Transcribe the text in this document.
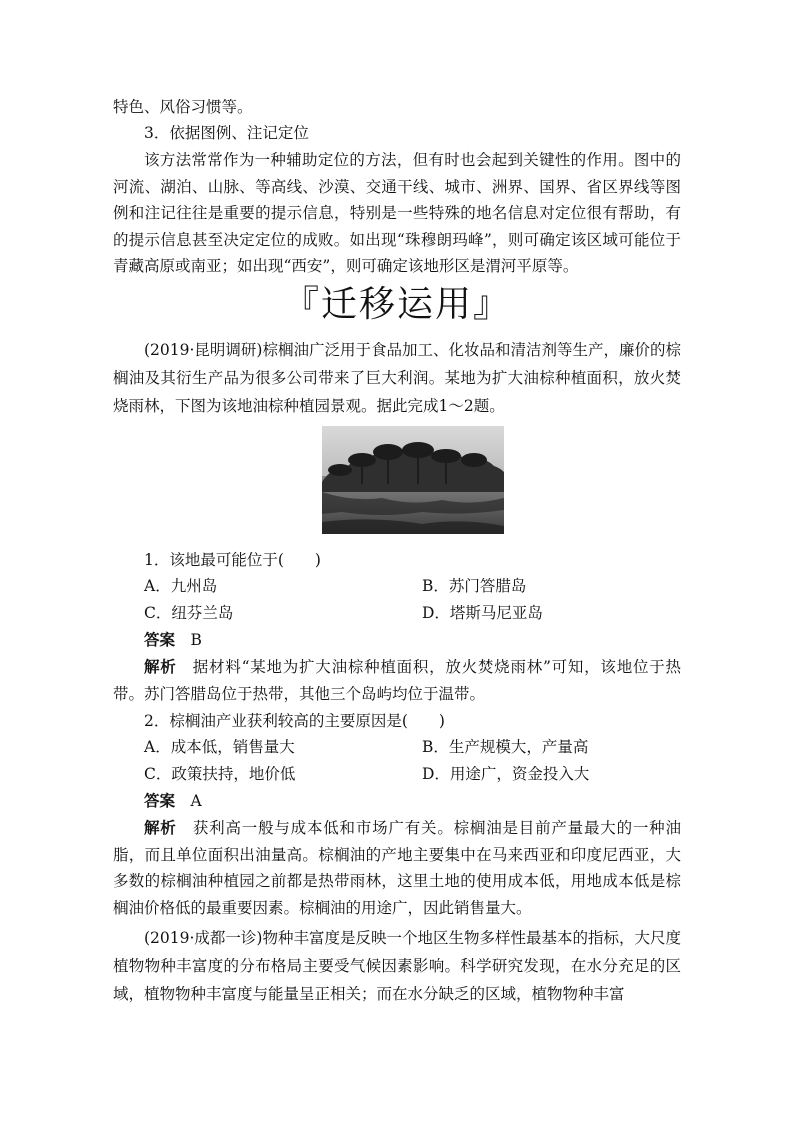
特色、风俗习惯等。

3．依据图例、注记定位

该方法常常作为一种辅助定位的方法，但有时也会起到关键性的作用。图中的河流、湖泊、山脉、等高线、沙漠、交通干线、城市、洲界、国界、省区界线等图例和注记往往是重要的提示信息，特别是一些特殊的地名信息对定位很有帮助，有的提示信息甚至决定定位的成败。如出现“珠穆朗玛峰”，则可确定该区域可能位于青藏高原或南亚；如出现“西安”，则可确定该地形区是渭河平原等。

『迁移运用』

(2019·昆明调研)棕榈油广泛用于食品加工、化妆品和清洁剂等生产，廉价的棕榈油及其衍生产品为很多公司带来了巨大利润。某地为扩大油棕种植面积，放火焚烧雨林，下图为该地油棕种植园景观。据此完成1～2题。

1．该地最可能位于(　　)
A．九州岛	B．苏门答腊岛
C．纽芬兰岛	D．塔斯马尼亚岛
答案　 B

解析　 据材料“某地为扩大油棕种植面积，放火焚烧雨林”可知，该地位于热带。苏门答腊岛位于热带，其他三个岛屿均位于温带。

2．棕榈油产业获利较高的主要原因是(　　)
A．成本低，销售量大	B．生产规模大，产量高
C．政策扶持，地价低	D．用途广，资金投入大
答案　 A

解析　 获利高一般与成本低和市场广有关。棕榈油是目前产量最大的一种油脂，而且单位面积出油量高。棕榈油的产地主要集中在马来西亚和印度尼西亚，大多数的棕榈油种植园之前都是热带雨林，这里土地的使用成本低，用地成本低是棕榈油价格低的最重要因素。棕榈油的用途广，因此销售量大。

(2019·成都一诊)物种丰富度是反映一个地区生物多样性最基本的指标，大尺度植物物种丰富度的分布格局主要受气候因素影响。科学研究发现，在水分充足的区域，植物物种丰富度与能量呈正相关；而在水分缺乏的区域，植物物种丰富
